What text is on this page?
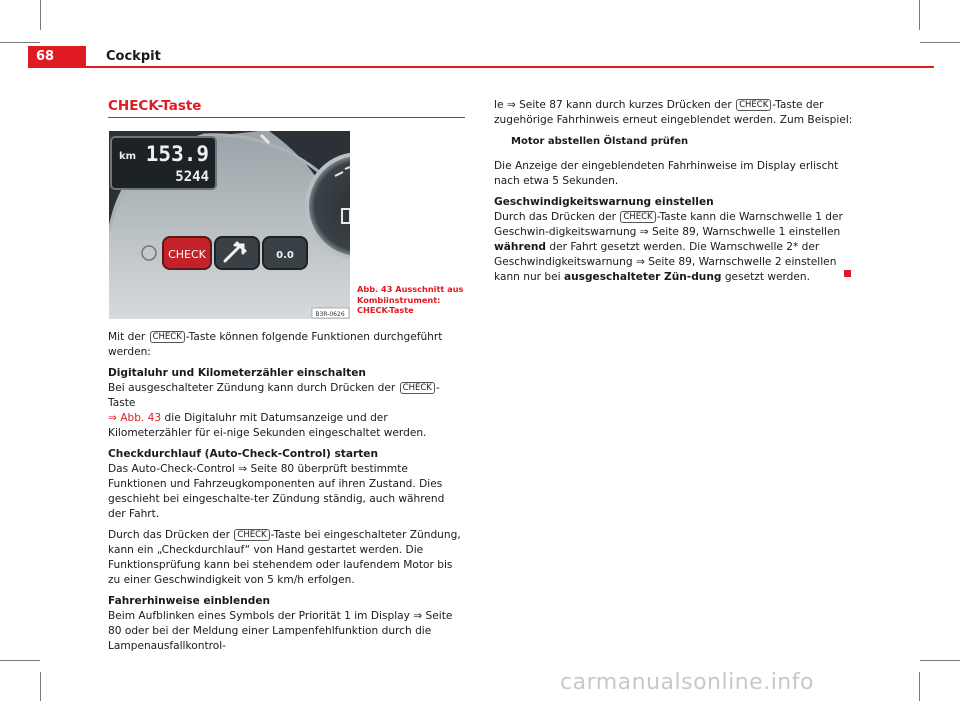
68	Cockpit
CHECK-Taste
km 153.9
5244
CHECK	0.0
B3R-0626
Abb. 43 Ausschnitt aus Kombiinstrument: CHECK-Taste

Mit der CHECK -Taste können folgende Funktionen durchgeführt werden:

Digitaluhr und Kilometerzähler einschalten

Bei ausgeschalteter Zündung kann durch Drücken der CHECK -Taste
⇒ Abb. 43 die Digitaluhr mit Datumsanzeige und der Kilometerzähler für ei-nige Sekunden eingeschaltet werden.

Checkdurchlauf (Auto-Check-Control) starten

Das Auto-Check-Control ⇒ Seite 80 überprüft bestimmte Funktionen und Fahrzeugkomponenten auf ihren Zustand. Dies geschieht bei eingeschalte-ter Zündung ständig, auch während der Fahrt.

Durch das Drücken der CHECK -Taste bei eingeschalteter Zündung, kann ein „Checkdurchlauf“ von Hand gestartet werden. Die Funktionsprüfung kann bei stehendem oder laufendem Motor bis zu einer Geschwindigkeit von 5 km/h erfolgen.

Fahrerhinweise einblenden

Beim Aufblinken eines Symbols der Priorität 1 im Display ⇒ Seite 80 oder bei der Meldung einer Lampenfehlfunktion durch die Lampenausfallkontrol-

le ⇒ Seite 87 kann durch kurzes Drücken der CHECK -Taste der zugehörige Fahrhinweis erneut eingeblendet werden. Zum Beispiel:

Motor abstellen Ölstand prüfen

Die Anzeige der eingeblendeten Fahrhinweise im Display erlischt nach etwa 5 Sekunden.

Geschwindigkeitswarnung einstellen

Durch das Drücken der CHECK -Taste kann die Warnschwelle 1 der Geschwin-digkeitswarnung ⇒ Seite 89, Warnschwelle 1 einstellen während der Fahrt gesetzt werden. Die Warnschwelle 2* der Geschwindigkeitswarnung ⇒ Seite 89, Warnschwelle 2 einstellen kann nur bei ausgeschalteter Zün-dung gesetzt werden.

carmanualsonline.info
